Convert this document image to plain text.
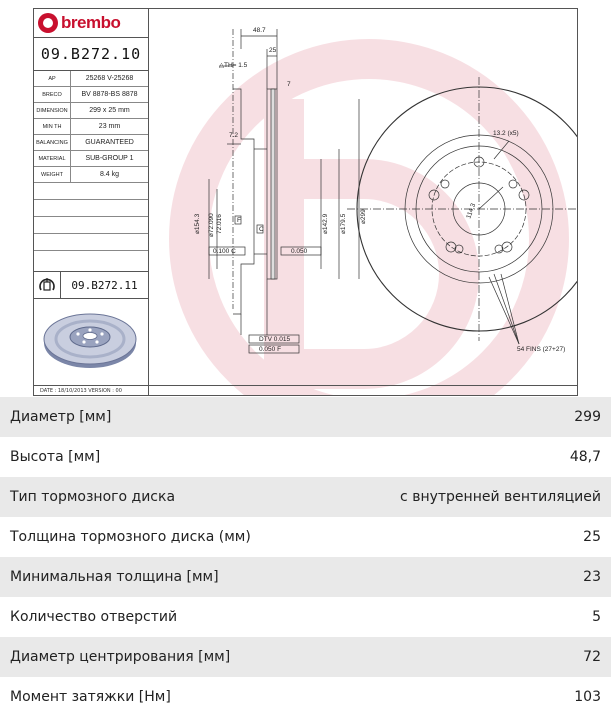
brembo
09.B272.10
AP	25268 V-25268
BRECO	BV 8878-BS 8878
DIMENSION	299 x 25 mm
MIN TH	23 mm
BALANCING	GUARANTEED
MATERIAL	SUB-GROUP 1
WEIGHT	8.4 kg
09.B272.11
48.7
25
△TH= 1.5
7
7.2
F
C
0.100 C	0.050
DTV 0.015
0.050 F
13.2 (x5)
54 FINS (27+27)
⌀154.3 ⌀72.090 72.016	⌀142.9 ⌀179.5 ⌀299	114.3
DATE : 18/10/2013 VERSION : 00
Диаметр [мм]	299
Высота [мм]	48,7
Тип тормозного диска	с внутренней вентиляцией
Толщина тормозного диска (мм)	25
Минимальная толщина [мм]	23
Количество отверстий	5
Диаметр центрирования [мм]	72
Момент затяжки [Нм]	103
